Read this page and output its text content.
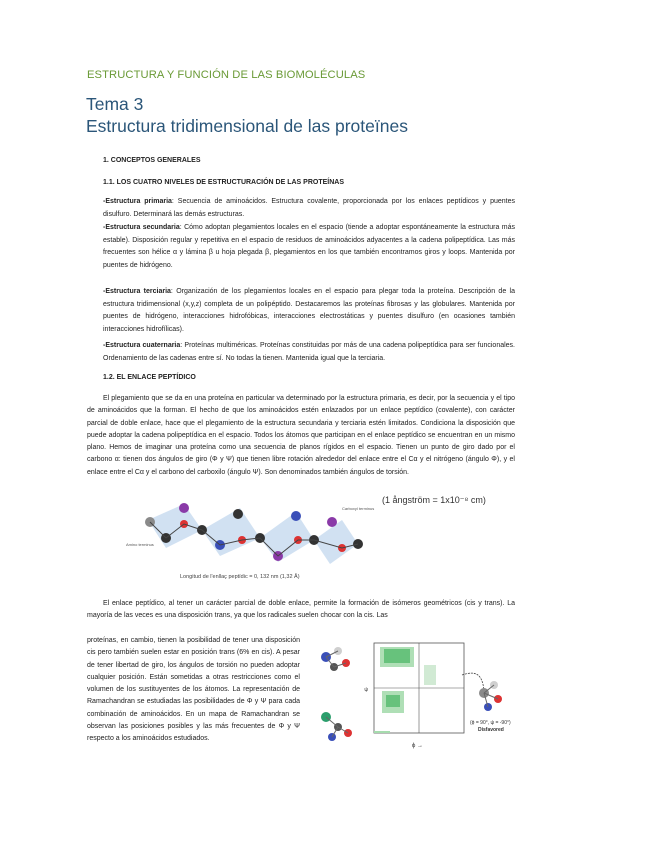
ESTRUCTURA Y FUNCIÓN DE LAS BIOMOLÉCULAS
Tema 3
Estructura tridimensional de las proteïnes
1. CONCEPTOS GENERALES
1.1. LOS CUATRO NIVELES DE ESTRUCTURACIÓN DE LAS PROTEÍNAS
-Estructura primaria: Secuencia de aminoácidos. Estructura covalente, proporcionada por los enlaces peptídicos y puentes disulfuro. Determinará las demás estructuras.
-Estructura secundaria: Cómo adoptan plegamientos locales en el espacio (tiende a adoptar espontáneamente la estructura más estable). Disposición regular y repetitiva en el espacio de residuos de aminoácidos adyacentes a la cadena polipeptídica. Las más frecuentes son hélice α y lámina β u hoja plegada β, plegamientos en los que también encontramos giros y loops. Mantenida por puentes de hidrógeno.
-Estructura terciaria: Organización de los plegamientos locales en el espacio para plegar toda la proteína. Descripción de la estructura tridimensional (x,y,z) completa de un polipéptido. Destacaremos las proteínas fibrosas y las globulares. Mantenida por puentes de hidrógeno, interacciones hidrofóbicas, interacciones electrostáticas y puentes disulfuro (en ocasiones también interacciones hidrofílicas).
-Estructura cuaternaria: Proteínas multiméricas. Proteínas constituidas por más de una cadena polipeptídica para ser funcionales. Ordenamiento de las cadenas entre sí. No todas la tienen. Mantenida igual que la terciaria.
1.2. EL ENLACE PEPTÍDICO
El plegamiento que se da en una proteína en particular va determinado por la estructura primaria, es decir, por la secuencia y el tipo de aminoácidos que la forman. El hecho de que los aminoácidos estén enlazados por un enlace peptídico (covalente), con carácter parcial de doble enlace, hace que el plegamiento de la estructura secundaria y terciaria estén limitados. Condiciona la disposición que puede adoptar la cadena polipeptídica en el espacio. Todos los átomos que participan en el enlace peptídico se encuentran en un mismo plano. Hemos de imaginar una proteína como una secuencia de planos rígidos en el espacio. Tienen un punto de giro dado por el carbono α: tienen dos ángulos de giro (Φ y Ψ) que tienen libre rotación alrededor del enlace entre el Cα y el nitrógeno (ángulo Φ), y el enlace entre el Cα y el carbono del carboxilo (ángulo Ψ). Son denominados también ángulos de torsión.
Amino terminus
Carboxyl terminus
Longitud de l'enllaç peptídic = 0, 132 nm (1,32 Å)
(1 ångström = 1x10⁻⁸ cm)
El enlace peptídico, al tener un carácter parcial de doble enlace, permite la formación de isómeros geométricos (cis y trans). La mayoría de las veces es una disposición trans, ya que los radicales suelen chocar con la cis. Las
proteínas, en cambio, tienen la posibilidad de tener una disposición cis pero también suelen estar en posición trans (6% en cis). A pesar de tener libertad de giro, los ángulos de torsión no pueden adoptar cualquier posición. Están sometidas a otras restricciones como el volumen de los sustituyentes de los átomos. La representación de Ramachandran se estudiadas las posibilidades de Φ y Ψ para cada combinación de aminoácidos. En un mapa de Ramachandran se observan las posiciones posibles y las más frecuentes de Φ y Ψ respecto a los aminoácidos estudiados.
ψ
ϕ →
(ϕ = 90°, ψ = -90°)
Disfavored
